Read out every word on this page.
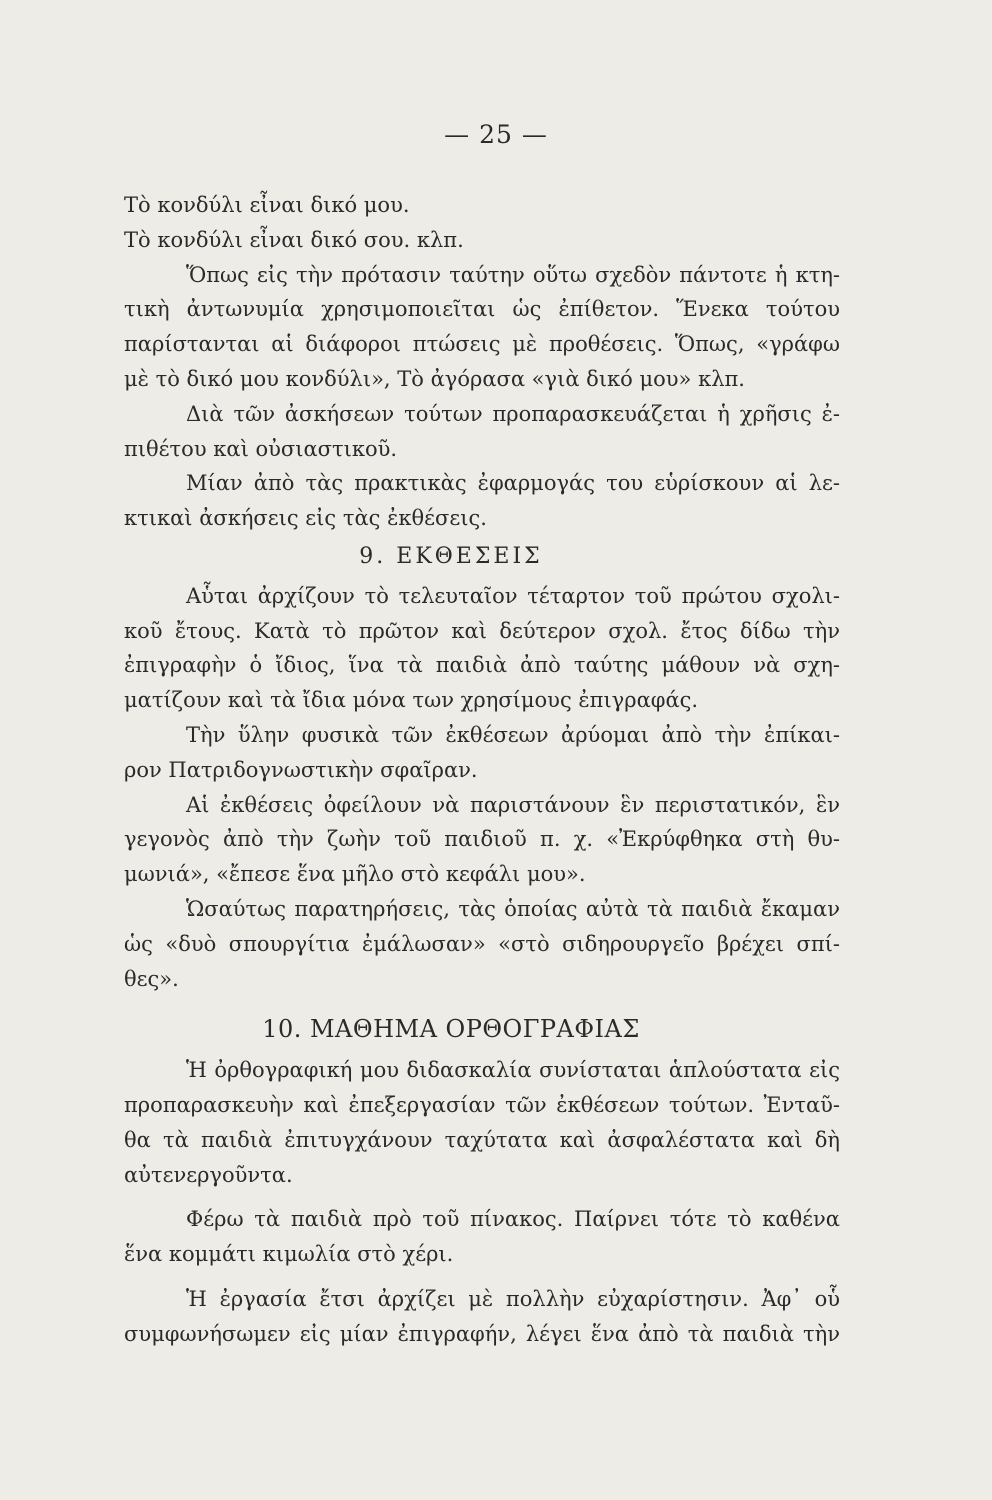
— 25 —

Τὸ κονδύλι εἶναι δικό μου.

Τὸ κονδύλι εἶναι δικό σου. κλπ.

Ὅπως εἰς τὴν πρότασιν ταύτην οὕτω σχεδὸν πάντοτε ἡ κτη-
τικὴ ἀντωνυμία χρησιμοποιεῖται ὡς ἐπίθετον. Ἕνεκα τούτου
παρίστανται αἱ διάφοροι πτώσεις μὲ προθέσεις. Ὅπως, «γράφω
μὲ τὸ δικό μου κονδύλι», Τὸ ἀγόρασα «γιὰ δικό μου» κλπ.

Διὰ τῶν ἀσκήσεων τούτων προπαρασκευάζεται ἡ χρῆσις ἐ-
πιθέτου καὶ οὐσιαστικοῦ.

Μίαν ἀπὸ τὰς πρακτικὰς ἐφαρμογάς του εὑρίσκουν αἱ λε-
κτικαὶ ἀσκήσεις εἰς τὰς ἐκθέσεις.

9. ΕΚΘΕΣΕΙΣ

Αὗται ἀρχίζουν τὸ τελευταῖον τέταρτον τοῦ πρώτου σχολι-
κοῦ ἔτους. Κατὰ τὸ πρῶτον καὶ δεύτερον σχολ. ἔτος δίδω τὴν
ἐπιγραφὴν ὁ ἴδιος, ἵνα τὰ παιδιὰ ἀπὸ ταύτης μάθουν νὰ σχη-
ματίζουν καὶ τὰ ἴδια μόνα των χρησίμους ἐπιγραφάς.

Τὴν ὕλην φυσικὰ τῶν ἐκθέσεων ἀρύομαι ἀπὸ τὴν ἐπίκαι-
ρον Πατριδογνωστικὴν σφαῖραν.

Αἱ ἐκθέσεις ὀφείλουν νὰ παριστάνουν ἓν περιστατικόν, ἓν
γεγονὸς ἀπὸ τὴν ζωὴν τοῦ παιδιοῦ π. χ. «Ἐκρύφθηκα στὴ θυ-
μωνιά», «ἔπεσε ἕνα μῆλο στὸ κεφάλι μου».

Ὡσαύτως παρατηρήσεις, τὰς ὁποίας αὐτὰ τὰ παιδιὰ ἔκαμαν
ὡς «δυὸ σπουργίτια ἐμάλωσαν» «στὸ σιδηρουργεῖο βρέχει σπί-
θες».

10. ΜΑΘΗΜΑ ΟΡΘΟΓΡΑΦΙΑΣ

Ἡ ὀρθογραφική μου διδασκαλία συνίσταται ἁπλούστατα εἰς
προπαρασκευὴν καὶ ἐπεξεργασίαν τῶν ἐκθέσεων τούτων. Ἐνταῦ-
θα τὰ παιδιὰ ἐπιτυγχάνουν ταχύτατα καὶ ἀσφαλέστατα καὶ δὴ
αὐτενεργοῦντα.

Φέρω τὰ παιδιὰ πρὸ τοῦ πίνακος. Παίρνει τότε τὸ καθένα
ἕνα κομμάτι κιμωλία στὸ χέρι.

Ἡ ἐργασία ἔτσι ἀρχίζει μὲ πολλὴν εὐχαρίστησιν. Ἀφ᾽ οὗ
συμφωνήσωμεν εἰς μίαν ἐπιγραφήν, λέγει ἕνα ἀπὸ τὰ παιδιὰ τὴν
